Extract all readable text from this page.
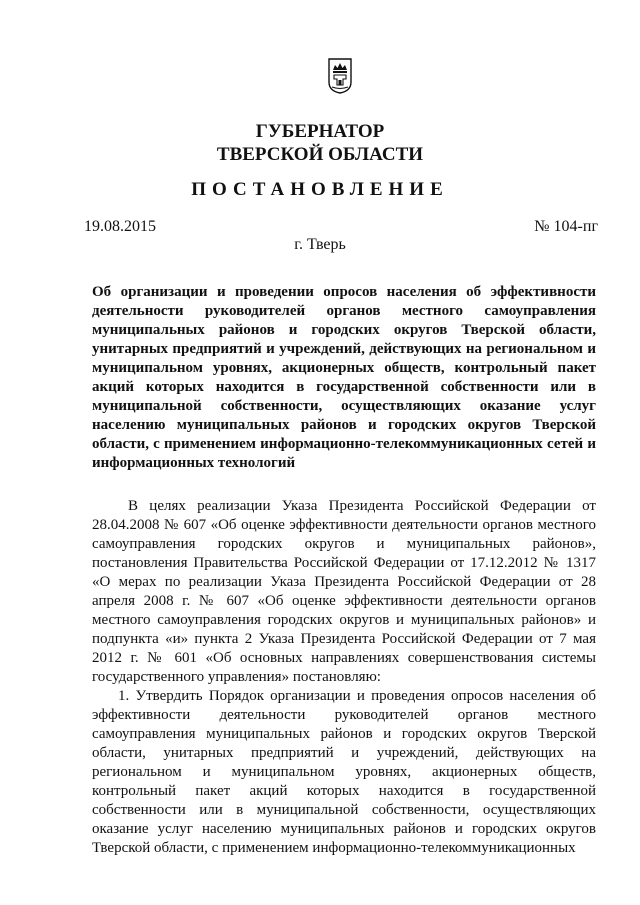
ГУБЕРНАТОР
ТВЕРСКОЙ ОБЛАСТИ
ПОСТАНОВЛЕНИЕ
19.08.2015	№ 104-пг
г. Тверь
Об организации и проведении опросов населения об эффективности деятельности руководителей органов местного самоуправления муниципальных районов и городских округов Тверской области, унитарных предприятий и учреждений, действующих на региональном и муниципальном уровнях, акционерных обществ, контрольный пакет акций которых находится в государственной собственности или в муниципальной собственности, осуществляющих оказание услуг населению муниципальных районов и городских округов Тверской области, с применением информационно-телекоммуникационных сетей и информационных технологий

В целях реализации Указа Президента Российской Федерации от 28.04.2008 № 607 «Об оценке эффективности деятельности органов местного самоуправления городских округов и муниципальных районов», постановления Правительства Российской Федерации от 17.12.2012 № 1317 «О мерах по реализации Указа Президента Российской Федерации от 28 апреля 2008 г. № 607 «Об оценке эффективности деятельности органов местного самоуправления городских округов и муниципальных районов» и подпункта «и» пункта 2 Указа Президента Российской Федерации от 7 мая 2012 г. № 601 «Об основных направлениях совершенствования системы государственного управления» постановляю:

1. Утвердить Порядок организации и проведения опросов населения об эффективности деятельности руководителей органов местного самоуправления муниципальных районов и городских округов Тверской области, унитарных предприятий и учреждений, действующих на региональном и муниципальном уровнях, акционерных обществ, контрольный пакет акций которых находится в государственной собственности или в муниципальной собственности, осуществляющих оказание услуг населению муниципальных районов и городских округов Тверской области, с применением информационно-телекоммуникационных
